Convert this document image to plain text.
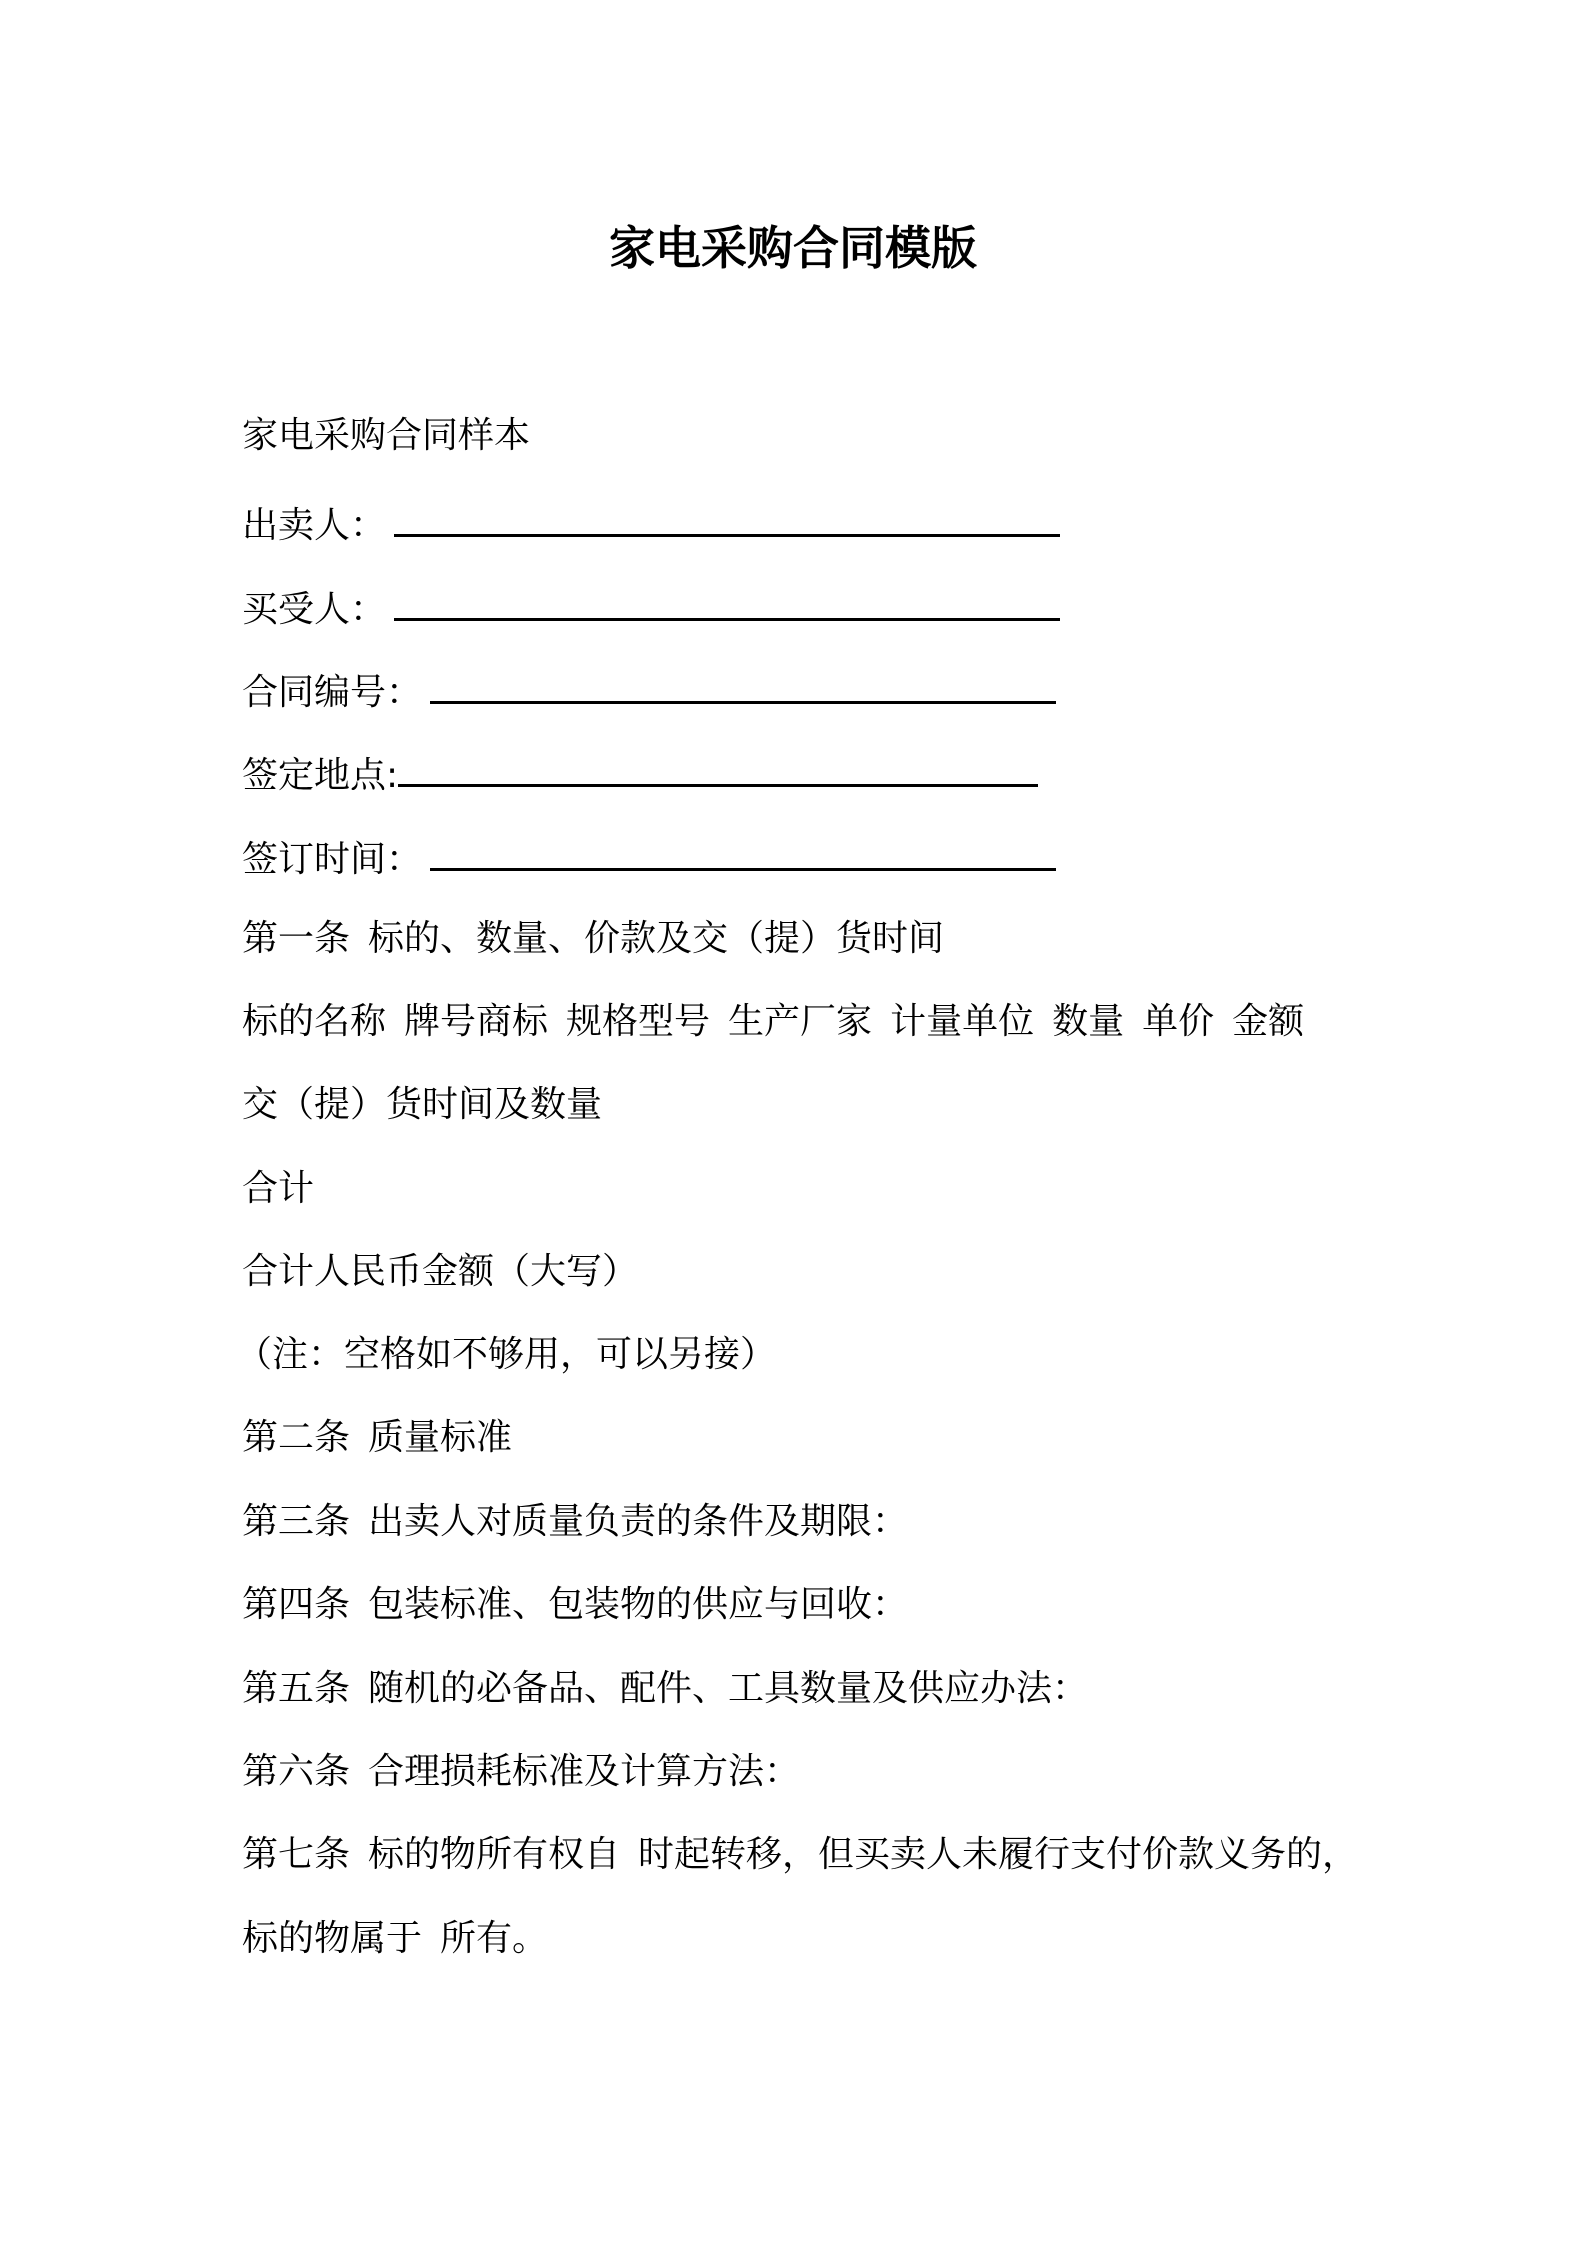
家电采购合同模版
家电采购合同样本
出卖人：
买受人：
合同编号：
签定地点:
签订时间：
第一条 标的、数量、价款及交（提）货时间
标的名称 牌号商标 规格型号 生产厂家 计量单位 数量 单价 金额
交（提）货时间及数量
合计
合计人民币金额（大写）
（注：空格如不够用，可以另接）
第二条 质量标准
第三条 出卖人对质量负责的条件及期限：
第四条 包装标准、包装物的供应与回收：
第五条 随机的必备品、配件、工具数量及供应办法：
第六条 合理损耗标准及计算方法：
第七条 标的物所有权自 时起转移，但买卖人未履行支付价款义务的，
标的物属于 所有。
